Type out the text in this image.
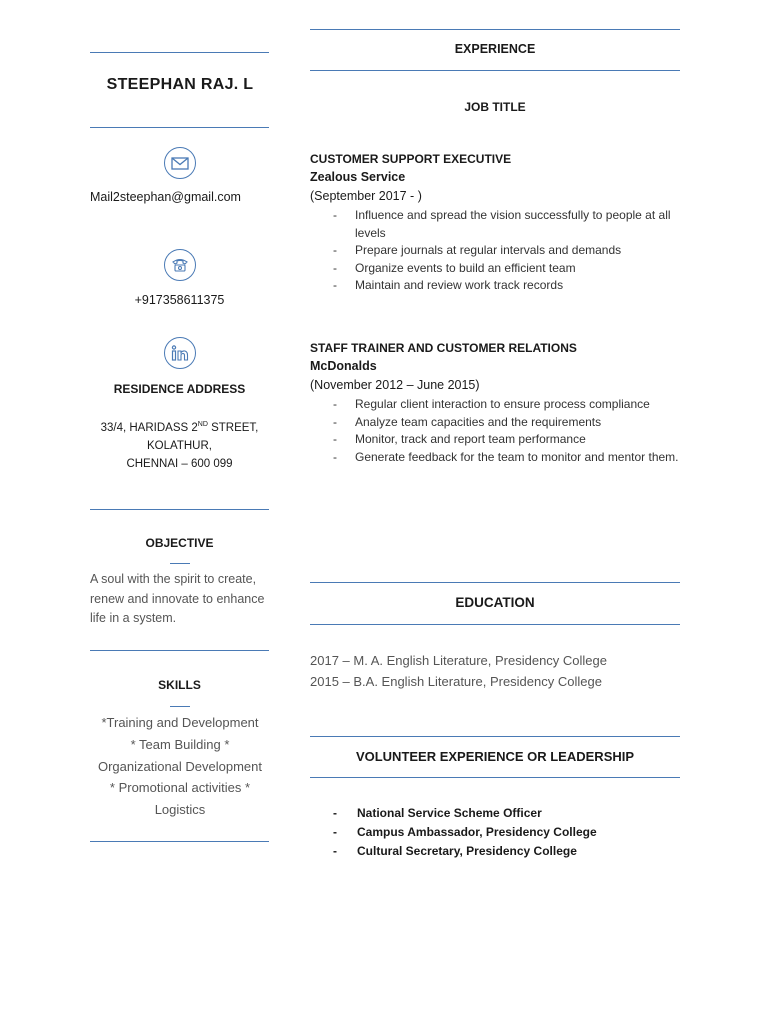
STEEPHAN RAJ. L
Mail2steephan@gmail.com
+917358611375
RESIDENCE ADDRESS
33/4, HARIDASS 2ND STREET,
KOLATHUR,
CHENNAI – 600 099
OBJECTIVE
A soul with the spirit to create, renew and innovate to enhance life in a system.
SKILLS
*Training and Development
* Team Building *
Organizational Development
* Promotional activities *
Logistics
EXPERIENCE
JOB TITLE
CUSTOMER SUPPORT EXECUTIVE
Zealous Service
(September 2017 - )
- Influence and spread the vision successfully to people at all levels
- Prepare journals at regular intervals and demands
- Organize events to build an efficient team
- Maintain and review work track records
STAFF TRAINER AND CUSTOMER RELATIONS
McDonalds
(November 2012 – June 2015)
- Regular client interaction to ensure process compliance
- Analyze team capacities and the requirements
- Monitor, track and report team performance
- Generate feedback for the team to monitor and mentor them.
EDUCATION
2017 – M. A. English Literature, Presidency College
2015 – B.A. English Literature, Presidency College
VOLUNTEER EXPERIENCE OR LEADERSHIP
- National Service Scheme Officer
- Campus Ambassador, Presidency College
- Cultural Secretary, Presidency College
